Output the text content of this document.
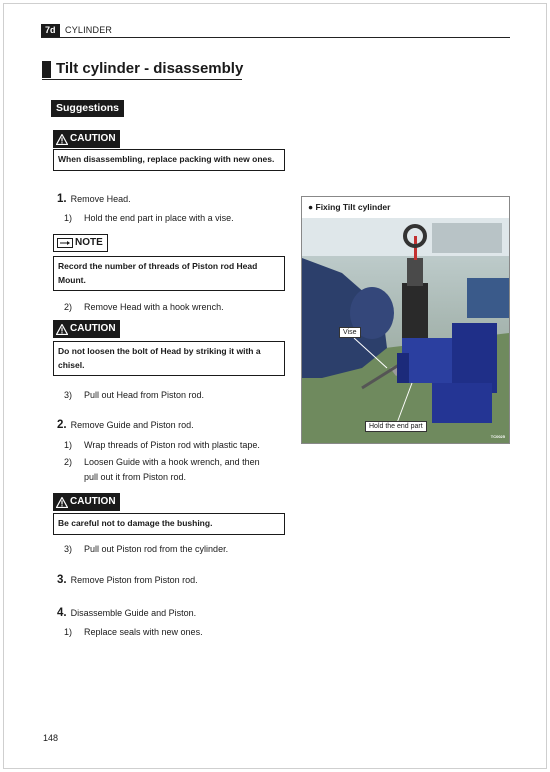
7d	CYLINDER
Tilt cylinder - disassembly
Suggestions
CAUTION
When disassembling, replace packing with new ones.
1. Remove Head.
1) Hold the end part in place with a vise.
NOTE
Record the number of threads of Piston rod Head Mount.
2) Remove Head with a hook wrench.
CAUTION
Do not loosen the bolt of Head by striking it with a chisel.
3) Pull out Head from Piston rod.
2. Remove Guide and Piston rod.
1) Wrap threads of Piston rod with plastic tape.
2) Loosen Guide with a hook wrench, and then
pull out it from Piston rod.
CAUTION
Be careful not to damage the bushing.
3) Pull out Piston rod from the cylinder.
3. Remove Piston from Piston rod.
4. Disassemble Guide and Piston.
1) Replace seals with new ones.
● Fixing Tilt cylinder
Vise
Hold the end part
TC0025
148
